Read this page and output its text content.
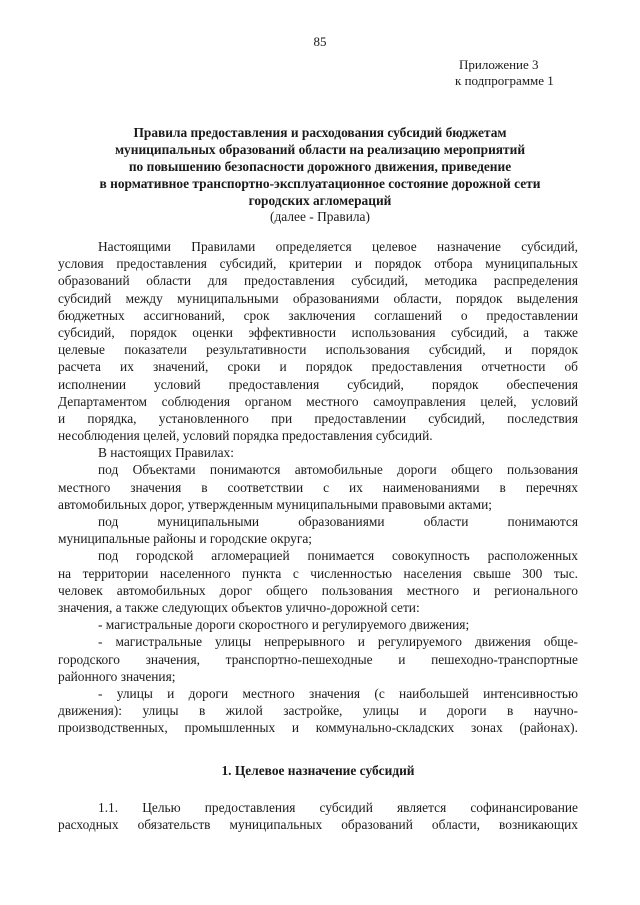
85
Приложение 3
к подпрограмме 1
Правила предоставления и расходования субсидий бюджетам
муниципальных образований области на реализацию мероприятий
по повышению безопасности дорожного движения, приведение
в нормативное транспортно-эксплуатационное состояние дорожной сети
городских агломераций
(далее - Правила)
Настоящими Правилами определяется целевое назначение субсидий,
условия предоставления субсидий, критерии и порядок отбора муниципальных
образований области для предоставления субсидий, методика распределения
субсидий между муниципальными образованиями области, порядок выделения
бюджетных ассигнований, срок заключения соглашений о предоставлении
субсидий, порядок оценки эффективности использования субсидий, а также
целевые показатели результативности использования субсидий, и порядок
расчета их значений, сроки и порядок предоставления отчетности об
исполнении условий предоставления субсидий, порядок обеспечения
Департаментом соблюдения органом местного самоуправления целей, условий
и порядка, установленного при предоставлении субсидий, последствия
несоблюдения целей, условий порядка предоставления субсидий.
В настоящих Правилах:
под Объектами понимаются автомобильные дороги общего пользования
местного значения в соответствии с их наименованиями в перечнях
автомобильных дорог, утвержденным муниципальными правовыми актами;
под муниципальными образованиями области понимаются
муниципальные районы и городские округа;
под городской агломерацией понимается совокупность расположенных
на территории населенного пункта с численностью населения свыше 300 тыс.
человек автомобильных дорог общего пользования местного и регионального
значения, а также следующих объектов улично-дорожной сети:
- магистральные дороги скоростного и регулируемого движения;
- магистральные улицы непрерывного и регулируемого движения обще-
городского значения, транспортно-пешеходные и пешеходно-транспортные
районного значения;
- улицы и дороги местного значения (с наибольшей интенсивностью
движения): улицы в жилой застройке, улицы и дороги в научно-
производственных, промышленных и коммунально-складских зонах (районах).
1. Целевое назначение субсидий
1.1. Целью предоставления субсидий является софинансирование
расходных обязательств муниципальных образований области, возникающих
